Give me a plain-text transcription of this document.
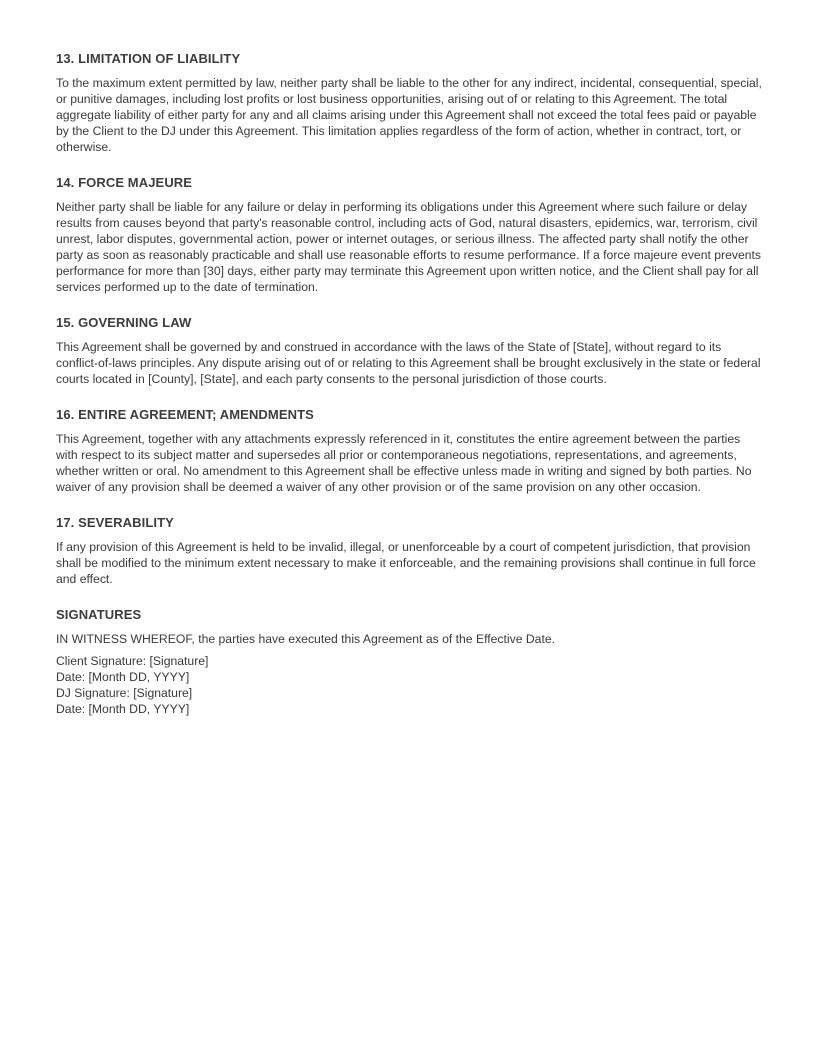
13. LIMITATION OF LIABILITY
To the maximum extent permitted by law, neither party shall be liable to the other for any indirect, incidental, consequential, special, or punitive damages, including lost profits or lost business opportunities, arising out of or relating to this Agreement. The total aggregate liability of either party for any and all claims arising under this Agreement shall not exceed the total fees paid or payable by the Client to the DJ under this Agreement. This limitation applies regardless of the form of action, whether in contract, tort, or otherwise.
14. FORCE MAJEURE
Neither party shall be liable for any failure or delay in performing its obligations under this Agreement where such failure or delay results from causes beyond that party's reasonable control, including acts of God, natural disasters, epidemics, war, terrorism, civil unrest, labor disputes, governmental action, power or internet outages, or serious illness. The affected party shall notify the other party as soon as reasonably practicable and shall use reasonable efforts to resume performance. If a force majeure event prevents performance for more than [30] days, either party may terminate this Agreement upon written notice, and the Client shall pay for all services performed up to the date of termination.
15. GOVERNING LAW
This Agreement shall be governed by and construed in accordance with the laws of the State of [State], without regard to its conflict-of-laws principles. Any dispute arising out of or relating to this Agreement shall be brought exclusively in the state or federal courts located in [County], [State], and each party consents to the personal jurisdiction of those courts.
16. ENTIRE AGREEMENT; AMENDMENTS
This Agreement, together with any attachments expressly referenced in it, constitutes the entire agreement between the parties with respect to its subject matter and supersedes all prior or contemporaneous negotiations, representations, and agreements, whether written or oral. No amendment to this Agreement shall be effective unless made in writing and signed by both parties. No waiver of any provision shall be deemed a waiver of any other provision or of the same provision on any other occasion.
17. SEVERABILITY
If any provision of this Agreement is held to be invalid, illegal, or unenforceable by a court of competent jurisdiction, that provision shall be modified to the minimum extent necessary to make it enforceable, and the remaining provisions shall continue in full force and effect.
SIGNATURES
IN WITNESS WHEREOF, the parties have executed this Agreement as of the Effective Date.
Client Signature: [Signature]
Date: [Month DD, YYYY]
DJ Signature: [Signature]
Date: [Month DD, YYYY]
